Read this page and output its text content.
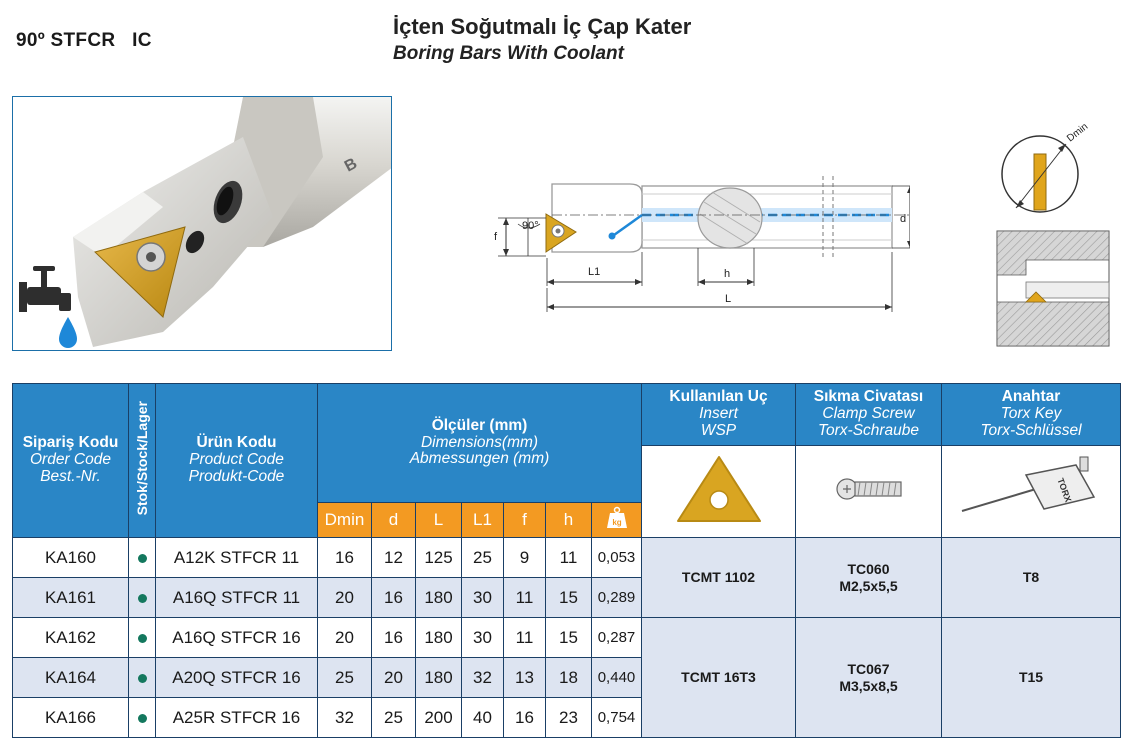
90º STFCR   IC
İçten Soğutmalı İç Çap Kater
Boring Bars With Coolant
B
f
90°
L1	h
L
d
Dmin
Sipariş Kodu
Order Code
Best.-Nr.	Stok/Stock/Lager	Ürün Kodu
Product Code
Produkt-Code	Ölçüler (mm)
Dimensions(mm)
Abmessungen (mm)							Kullanılan Uç
Insert
WSP	Sıkma Civatası
Clamp Screw
Torx-Schraube	Anahtar
Torx Key
Torx-Schlüssel

TORX

			Dmin	d	L	L1	f	h	kg			

KA160		A12K STFCR 11	16	12	125	25	9	11	0,053	TCMT 1102	TC060
M2,5x5,5	T8
KA161		A16Q STFCR 11	20	16	180	30	11	15	0,289			
KA162		A16Q STFCR 16	20	16	180	30	11	15	0,287	TCMT 16T3	TC067
M3,5x8,5	T15
KA164		A20Q STFCR 16	25	20	180	32	13	18	0,440			
KA166		A25R STFCR 16	32	25	200	40	16	23	0,754			
